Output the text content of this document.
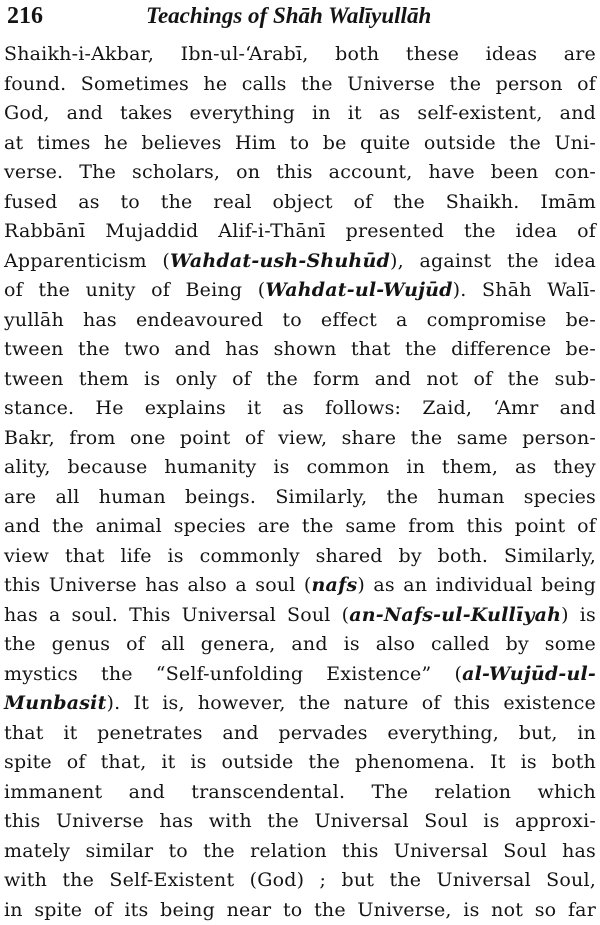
216	Teachings of Shāh Walīyullāh
Shaikh-i-Akbar, Ibn-ul-‘Arabī, both these ideas are
found. Sometimes he calls the Universe the person of
God, and takes everything in it as self-existent, and
at times he believes Him to be quite outside the Uni-
verse. The scholars, on this account, have been con-
fused as to the real object of the Shaikh. Imām
Rabbānī Mujaddid Alif-i-Thānī presented the idea of
Apparenticism (Wahdat-ush-Shuhūd), against the idea
of the unity of Being (Wahdat-ul-Wujūd). Shāh Walī-
yullāh has endeavoured to effect a compromise be-
tween the two and has shown that the difference be-
tween them is only of the form and not of the sub-
stance. He explains it as follows: Zaid, ‘Amr and
Bakr, from one point of view, share the same person-
ality, because humanity is common in them, as they
are all human beings. Similarly, the human species
and the animal species are the same from this point of
view that life is commonly shared by both. Similarly,
this Universe has also a soul (nafs) as an individual being
has a soul. This Universal Soul (an-Nafs-ul-Kullīyah) is
the genus of all genera, and is also called by some
mystics the “Self-unfolding Existence” (al-Wujūd-ul-
Munbasit). It is, however, the nature of this existence
that it penetrates and pervades everything, but, in
spite of that, it is outside the phenomena. It is both
immanent and transcendental. The relation which
this Universe has with the Universal Soul is approxi-
mately similar to the relation this Universal Soul has
with the Self-Existent (God) ; but the Universal Soul,
in spite of its being near to the Universe, is not so far
